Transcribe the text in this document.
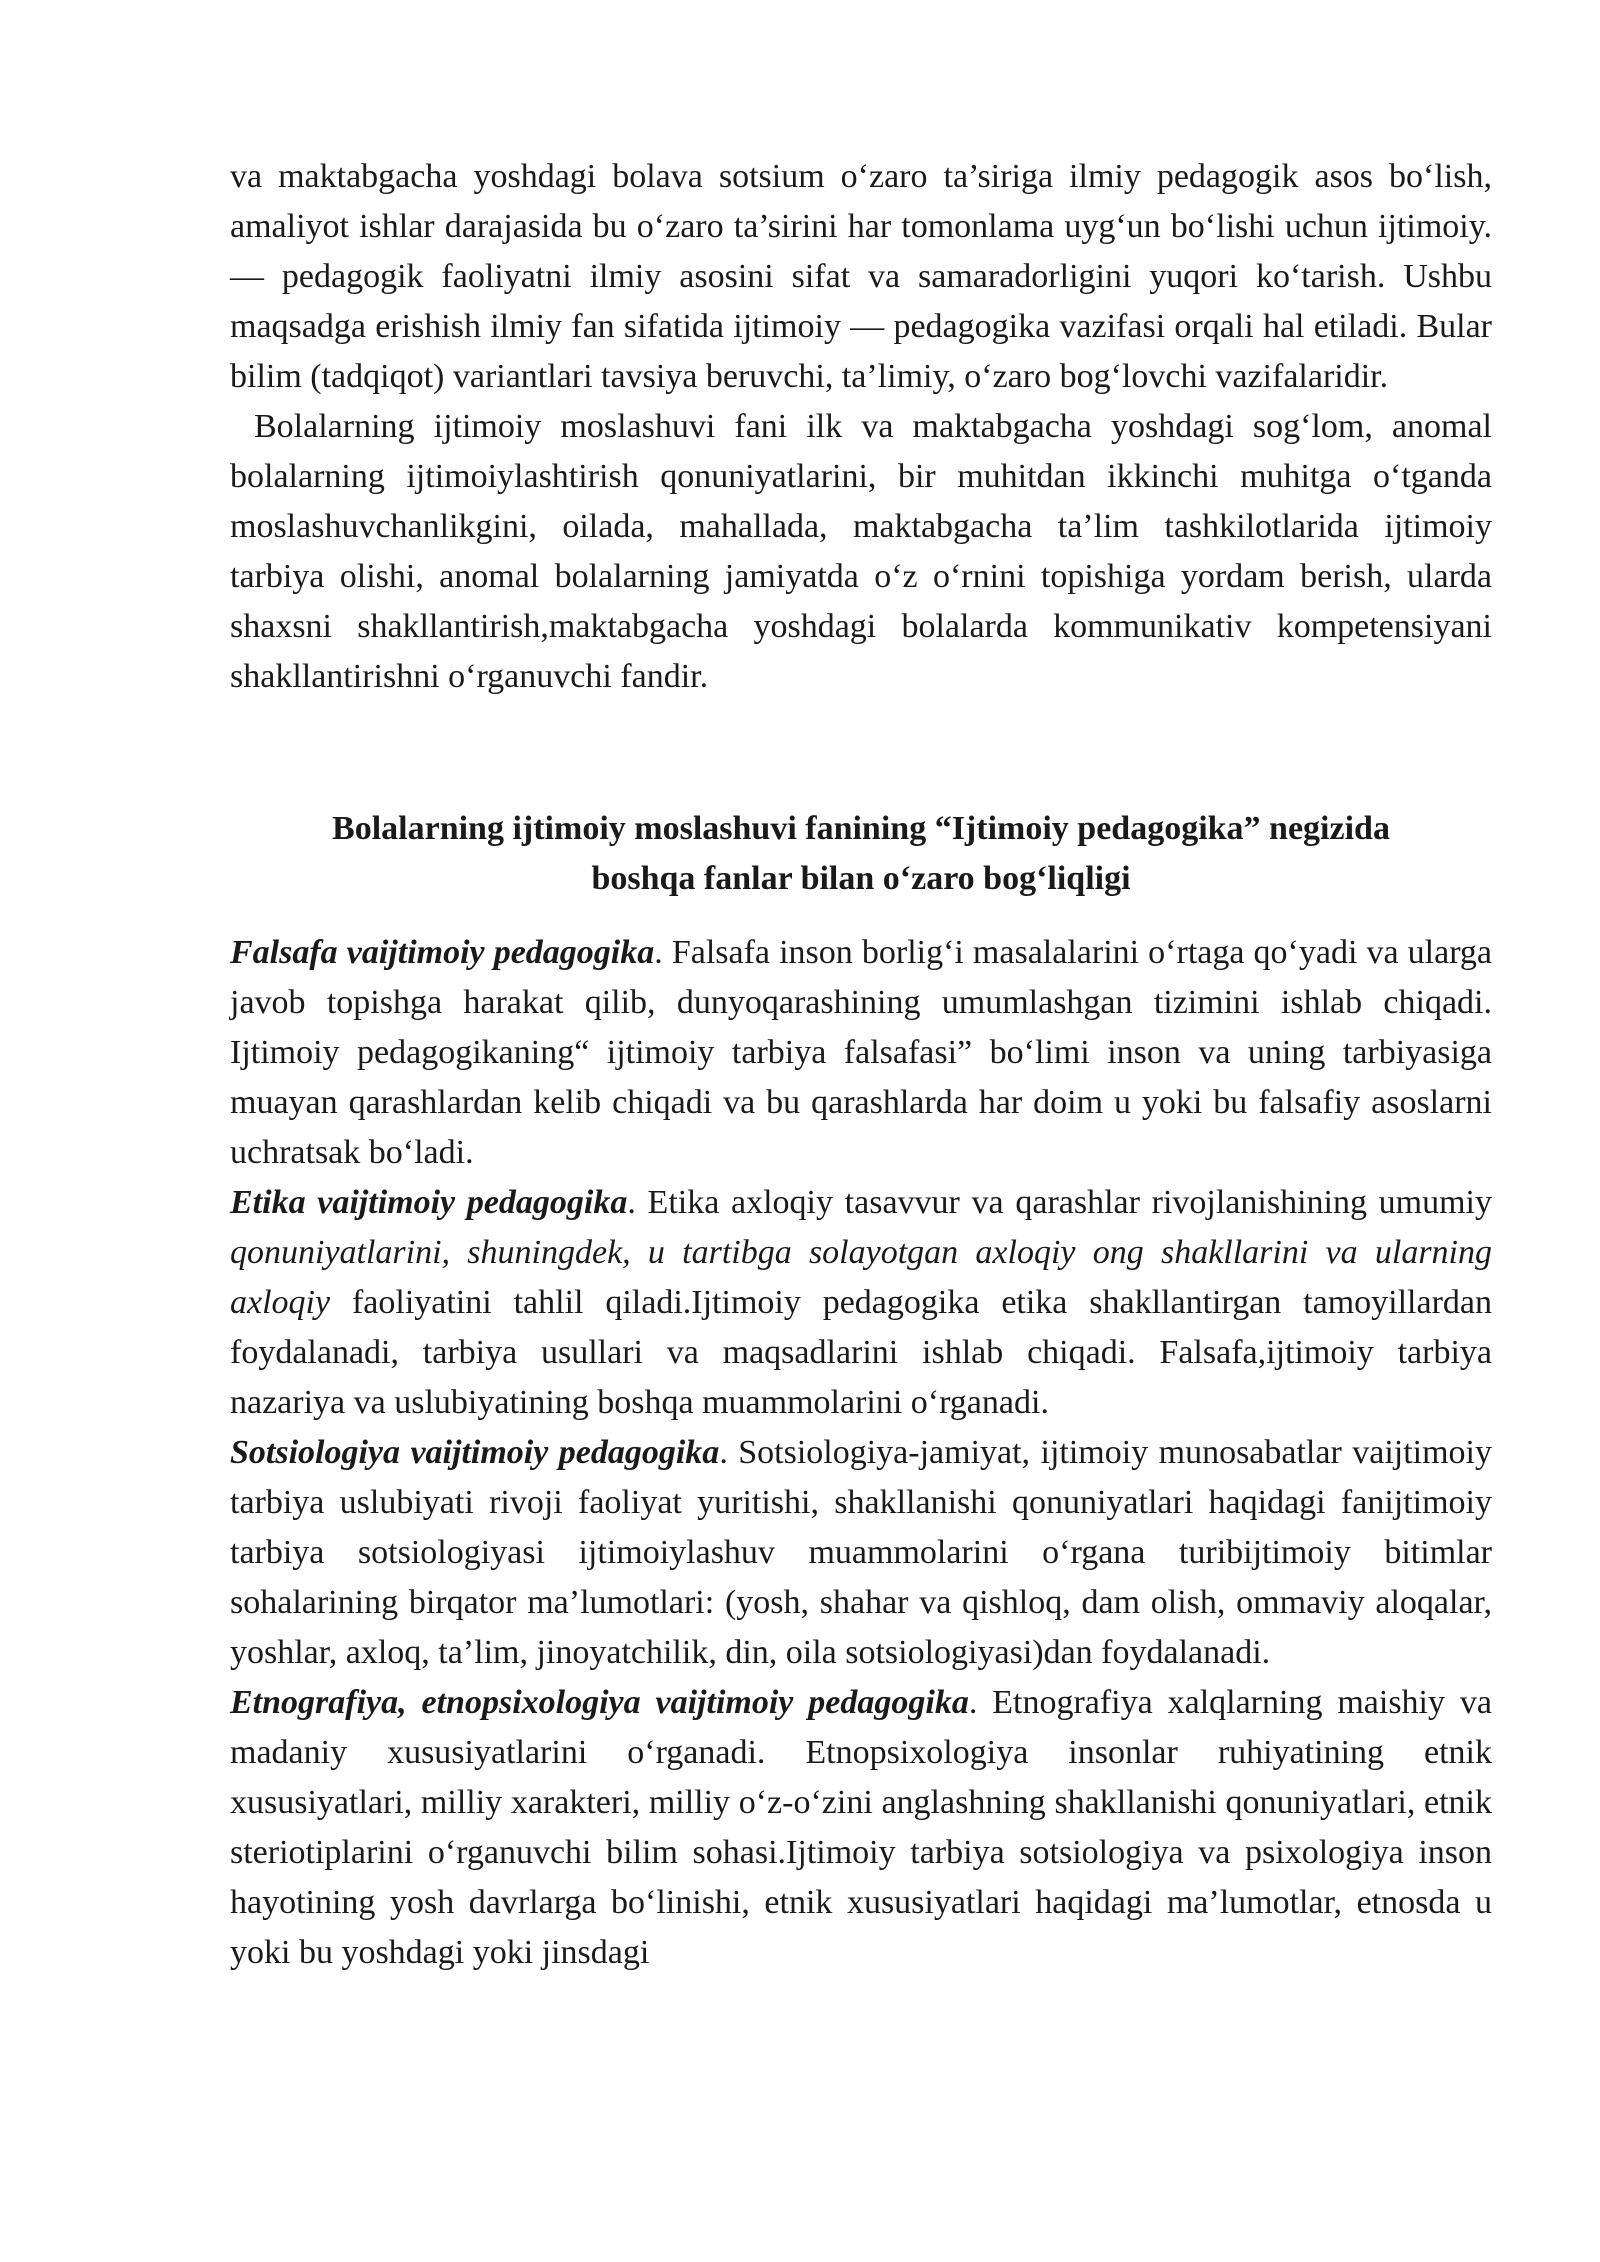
va maktabgacha yoshdagi bolava sotsium o‘zaro ta’siriga ilmiy pedagogik asos bo‘lish, amaliyot ishlar darajasida bu o‘zaro ta’sirini har tomonlama uyg‘un bo‘lishi uchun ijtimoiy.— pedagogik faoliyatni ilmiy asosini sifat va samaradorligini yuqori ko‘tarish. Ushbu maqsadga erishish ilmiy fan sifatida ijtimoiy — pedagogika vazifasi orqali hal etiladi. Bular bilim (tadqiqot) variantlari tavsiya beruvchi, ta’limiy, o‘zaro bog‘lovchi vazifalaridir.

Bolalarning ijtimoiy moslashuvi fani ilk va maktabgacha yoshdagi sog‘lom, anomal bolalarning ijtimoiylashtirish qonuniyatlarini, bir muhitdan ikkinchi muhitga o‘tganda moslashuvchanlikgini, oilada, mahallada, maktabgacha ta’lim tashkilotlarida ijtimoiy tarbiya olishi, anomal bolalarning jamiyatda o‘z o‘rnini topishiga yordam berish, ularda shaxsni shakllantirish,maktabgacha yoshdagi bolalarda kommunikativ kompetensiyani shakllantirishni o‘rganuvchi fandir.

Bolalarning ijtimoiy moslashuvi fanining “Ijtimoiy pedagogika” negizida
boshqa fanlar bilan o‘zaro bog‘liqligi

Falsafa vaijtimoiy pedagogika. Falsafa inson borlig‘i masalalarini o‘rtaga qo‘yadi va ularga javob topishga harakat qilib, dunyoqarashining umumlashgan tizimini ishlab chiqadi. Ijtimoiy pedagogikaning“ ijtimoiy tarbiya falsafasi” bo‘limi inson va uning tarbiyasiga muayan qarashlardan kelib chiqadi va bu qarashlarda har doim u yoki bu falsafiy asoslarni uchratsak bo‘ladi.

Etika vaijtimoiy pedagogika. Etika axloqiy tasavvur va qarashlar rivojlanishining umumiy qonuniyatlarini, shuningdek, u tartibga solayotgan axloqiy ong shakllarini va ularning axloqiy faoliyatini tahlil qiladi.Ijtimoiy pedagogika etika shakllantirgan tamoyillardan foydalanadi, tarbiya usullari va maqsadlarini ishlab chiqadi. Falsafa,ijtimoiy tarbiya nazariya va uslubiyatining boshqa muammolarini o‘rganadi.

Sotsiologiya vaijtimoiy pedagogika. Sotsiologiya-jamiyat, ijtimoiy munosabatlar vaijtimoiy tarbiya uslubiyati rivoji faoliyat yuritishi, shakllanishi qonuniyatlari haqidagi fanijtimoiy tarbiya sotsiologiyasi ijtimoiylashuv muammolarini o‘rgana turibijtimoiy bitimlar sohalarining birqator ma’lumotlari: (yosh, shahar va qishloq, dam olish, ommaviy aloqalar, yoshlar, axloq, ta’lim, jinoyatchilik, din, oila sotsiologiyasi)dan foydalanadi.

Etnografiya, etnopsixologiya vaijtimoiy pedagogika. Etnografiya xalqlarning maishiy va madaniy xususiyatlarini o‘rganadi. Etnopsixologiya insonlar ruhiyatining etnik xususiyatlari, milliy xarakteri, milliy o‘z-o‘zini anglashning shakllanishi qonuniyatlari, etnik steriotiplarini o‘rganuvchi bilim sohasi.Ijtimoiy tarbiya sotsiologiya va psixologiya inson hayotining yosh davrlarga bo‘linishi, etnik xususiyatlari haqidagi ma’lumotlar, etnosda u yoki bu yoshdagi yoki jinsdagi
